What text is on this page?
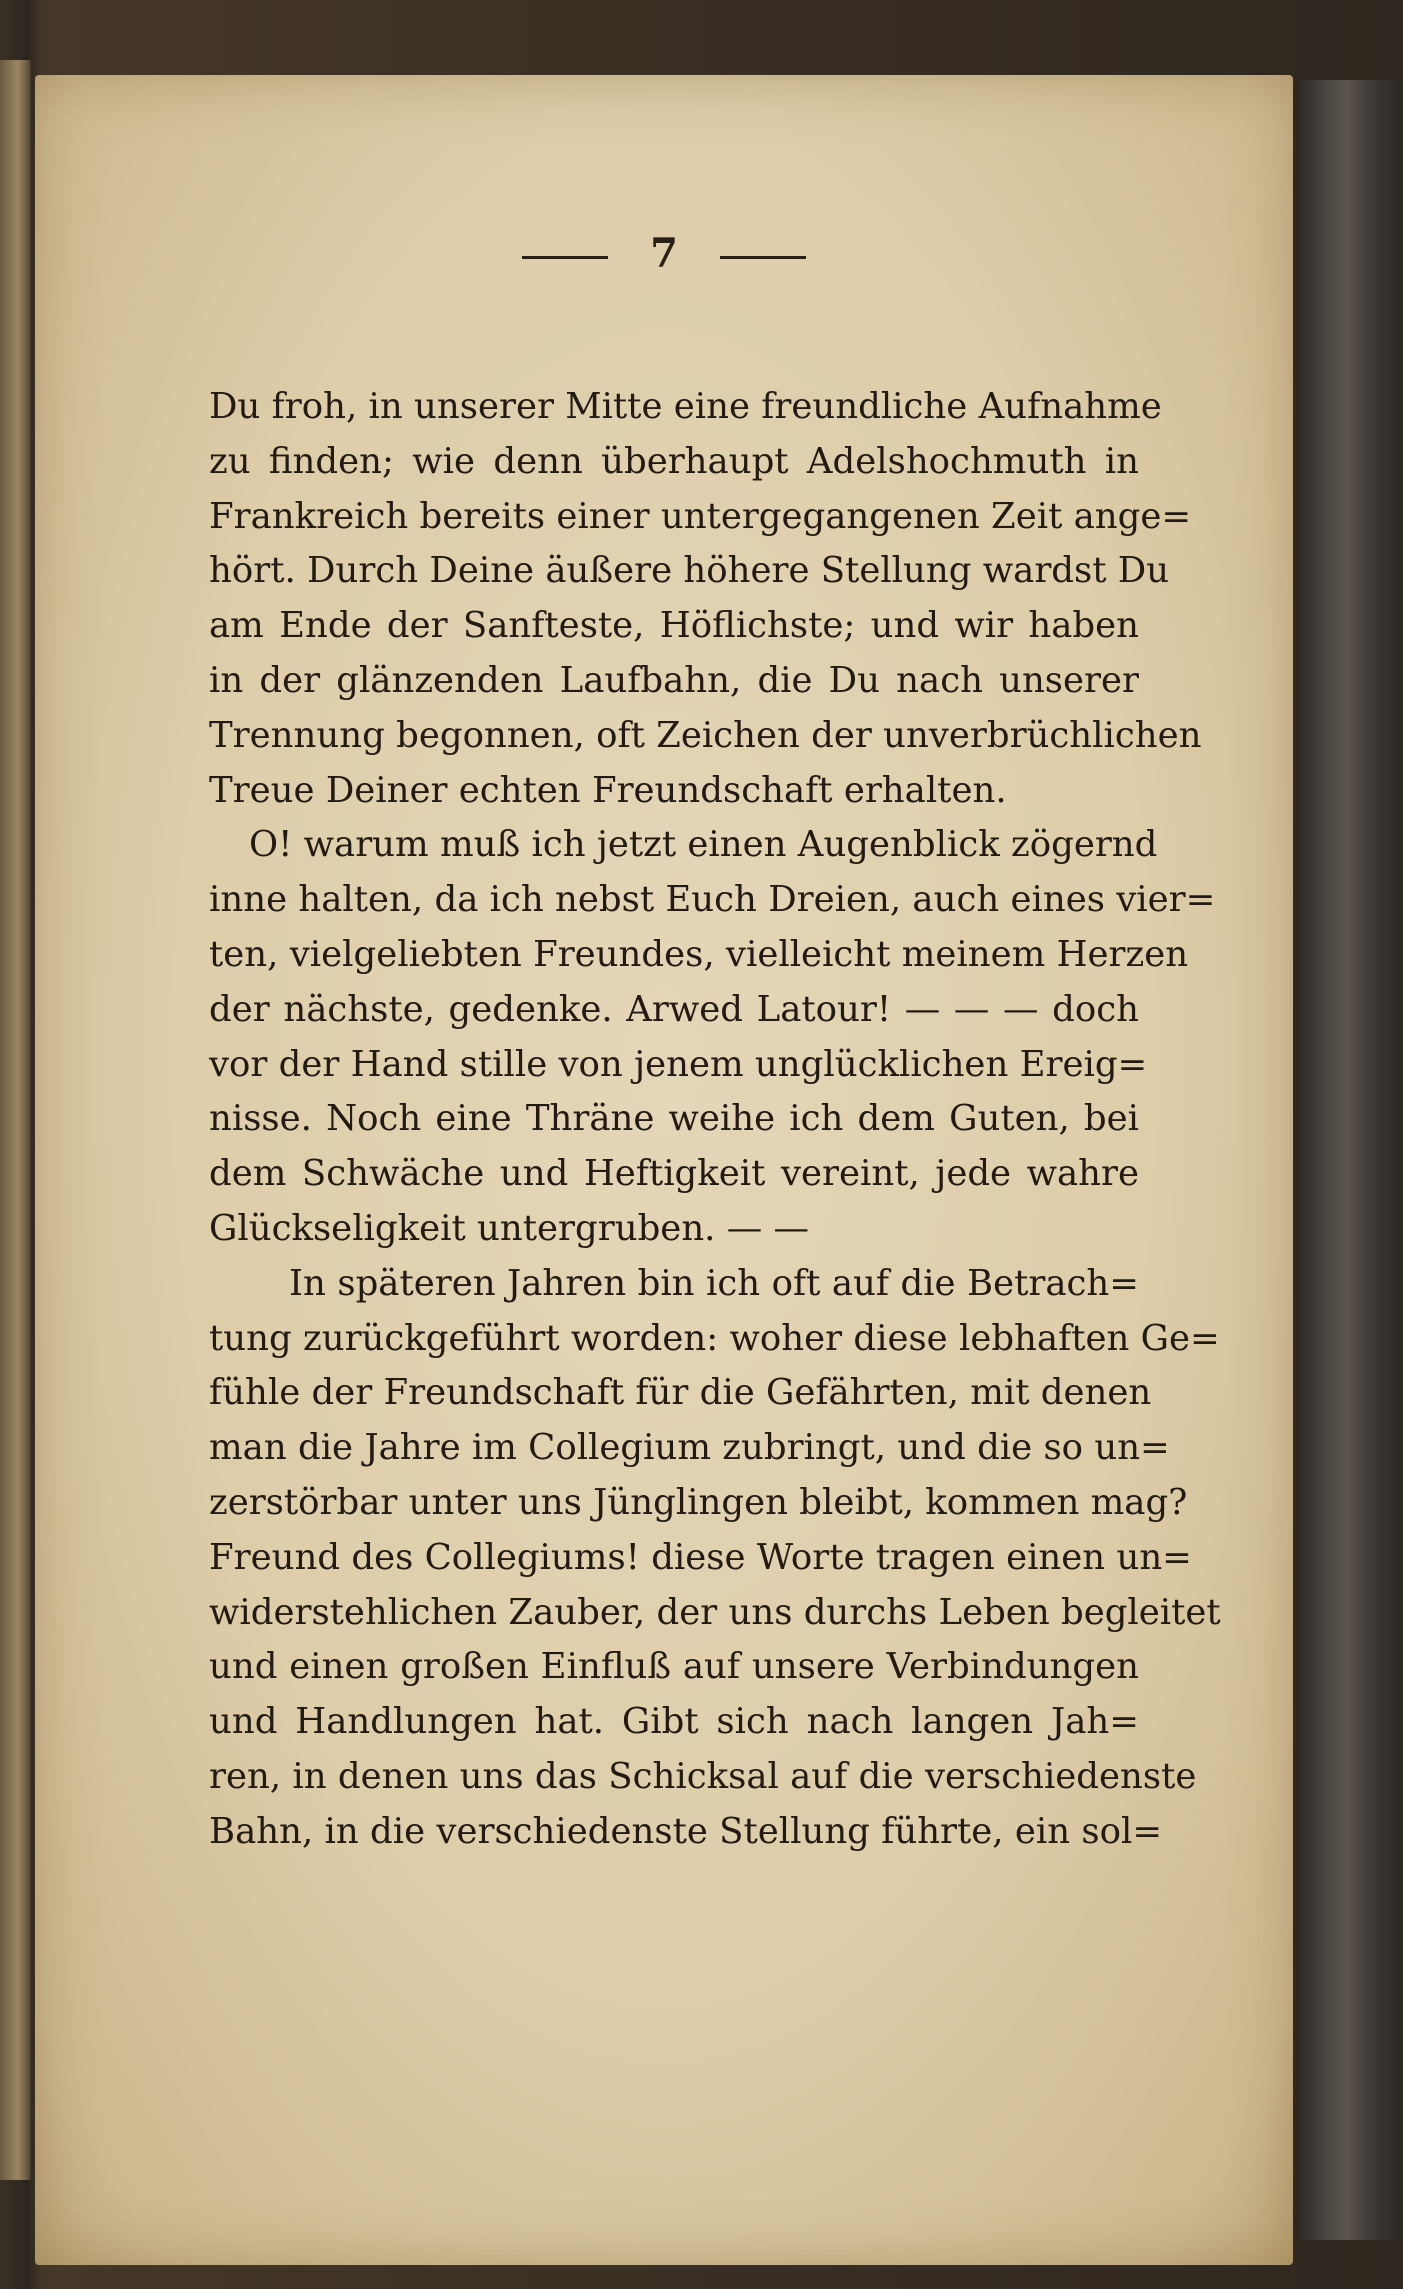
7
Du froh, in unserer Mitte eine freundliche Aufnahme
zu finden; wie denn überhaupt Adelshochmuth in
Frankreich bereits einer untergegangenen Zeit ange=
hört. Durch Deine äußere höhere Stellung wardst Du
am Ende der Sanfteste, Höflichste; und wir haben
in der glänzenden Laufbahn, die Du nach unserer
Trennung begonnen, oft Zeichen der unverbrüchlichen
Treue Deiner echten Freundschaft erhalten.
O! warum muß ich jetzt einen Augenblick zögernd
inne halten, da ich nebst Euch Dreien, auch eines vier=
ten, vielgeliebten Freundes, vielleicht meinem Herzen
der nächste, gedenke. Arwed Latour! — — — doch
vor der Hand stille von jenem unglücklichen Ereig=
nisse. Noch eine Thräne weihe ich dem Guten, bei
dem Schwäche und Heftigkeit vereint, jede wahre
Glückseligkeit untergruben. — —
In späteren Jahren bin ich oft auf die Betrach=
tung zurückgeführt worden: woher diese lebhaften Ge=
fühle der Freundschaft für die Gefährten, mit denen
man die Jahre im Collegium zubringt, und die so un=
zerstörbar unter uns Jünglingen bleibt, kommen mag?
Freund des Collegiums! diese Worte tragen einen un=
widerstehlichen Zauber, der uns durchs Leben begleitet
und einen großen Einfluß auf unsere Verbindungen
und Handlungen hat. Gibt sich nach langen Jah=
ren, in denen uns das Schicksal auf die verschiedenste
Bahn, in die verschiedenste Stellung führte, ein sol=
